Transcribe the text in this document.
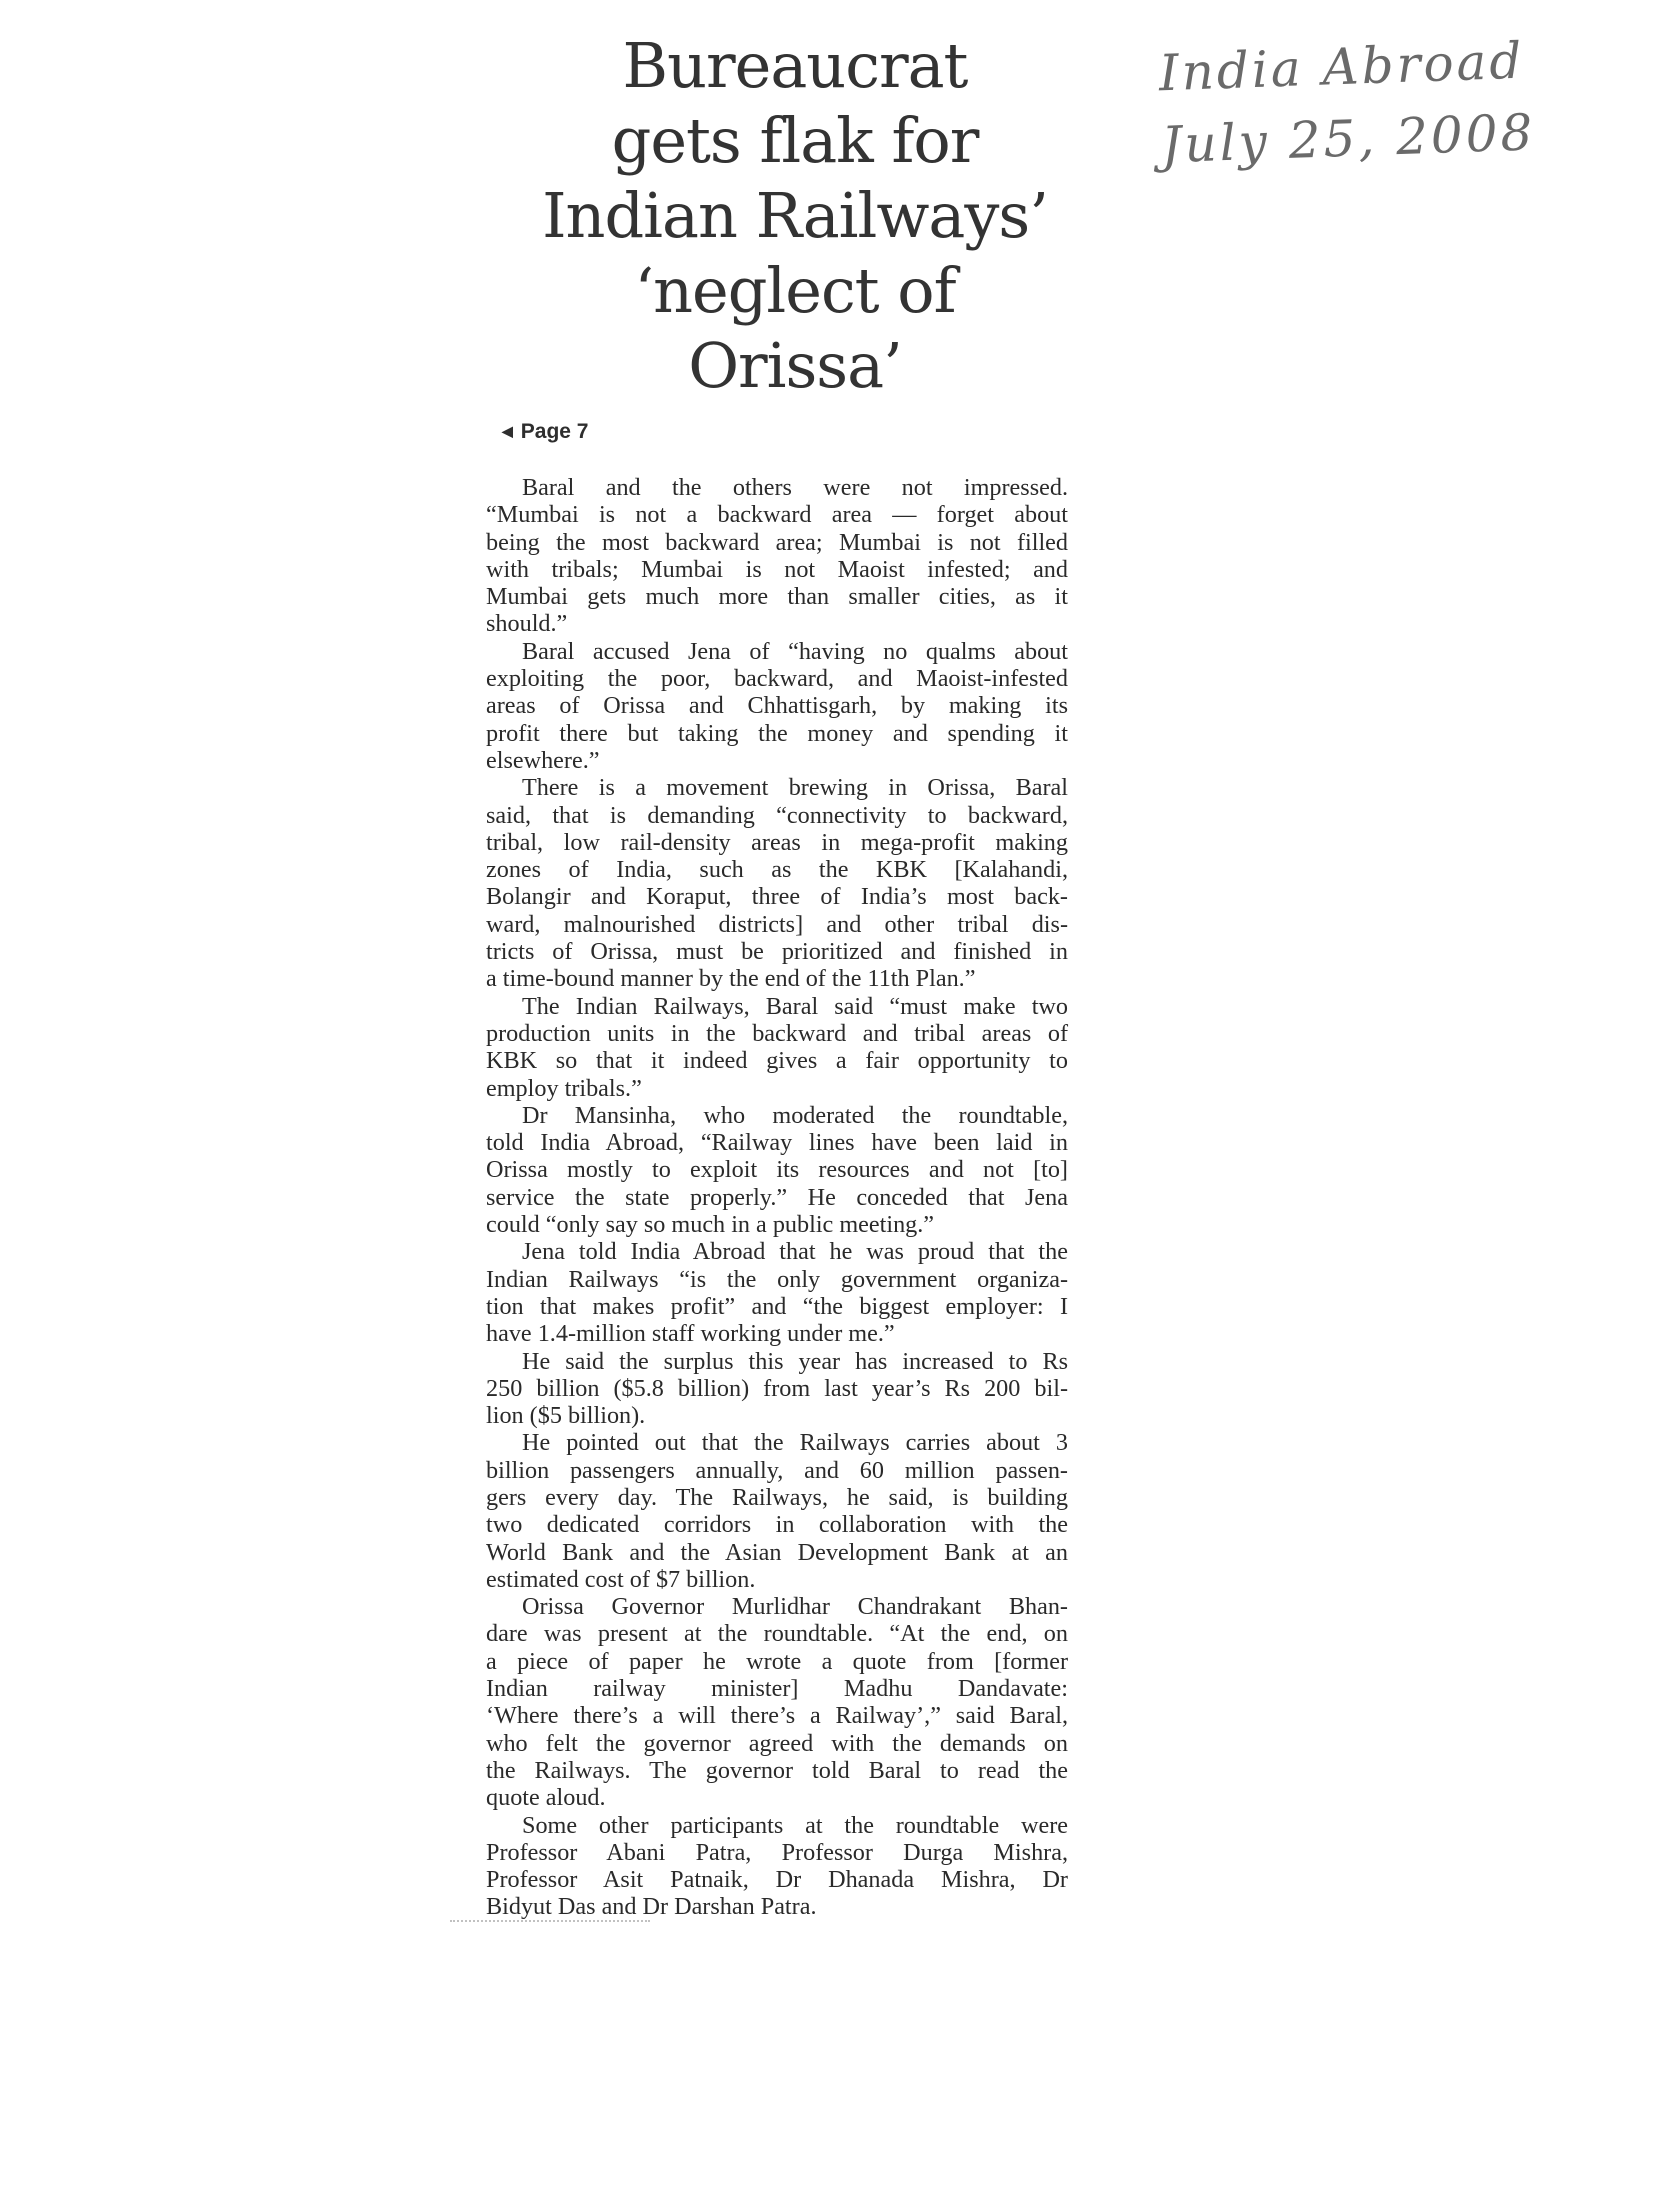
India Abroad
July 25, 2008
Bureaucrat
gets flak for
Indian Railways’
‘neglect of
Orissa’
◀ Page 7

Baral and the others were not impressed.
“Mumbai is not a backward area — forget about
being the most backward area; Mumbai is not filled
with tribals; Mumbai is not Maoist infested; and
Mumbai gets much more than smaller cities, as it
should.”

Baral accused Jena of “having no qualms about
exploiting the poor, backward, and Maoist-infested
areas of Orissa and Chhattisgarh, by making its
profit there but taking the money and spending it
elsewhere.”

There is a movement brewing in Orissa, Baral
said, that is demanding “connectivity to backward,
tribal, low rail-density areas in mega-profit making
zones of India, such as the KBK [Kalahandi,
Bolangir and Koraput, three of India’s most back-
ward, malnourished districts] and other tribal dis-
tricts of Orissa, must be prioritized and finished in
a time-bound manner by the end of the 11th Plan.”

The Indian Railways, Baral said “must make two
production units in the backward and tribal areas of
KBK so that it indeed gives a fair opportunity to
employ tribals.”

Dr Mansinha, who moderated the roundtable,
told India Abroad, “Railway lines have been laid in
Orissa mostly to exploit its resources and not [to]
service the state properly.” He conceded that Jena
could “only say so much in a public meeting.”

Jena told India Abroad that he was proud that the
Indian Railways “is the only government organiza-
tion that makes profit” and “the biggest employer: I
have 1.4-million staff working under me.”

He said the surplus this year has increased to Rs
250 billion ($5.8 billion) from last year’s Rs 200 bil-
lion ($5 billion).

He pointed out that the Railways carries about 3
billion passengers annually, and 60 million passen-
gers every day. The Railways, he said, is building
two dedicated corridors in collaboration with the
World Bank and the Asian Development Bank at an
estimated cost of $7 billion.

Orissa Governor Murlidhar Chandrakant Bhan-
dare was present at the roundtable. “At the end, on
a piece of paper he wrote a quote from [former
Indian railway minister] Madhu Dandavate:
‘Where there’s a will there’s a Railway’,” said Baral,
who felt the governor agreed with the demands on
the Railways. The governor told Baral to read the
quote aloud.

Some other participants at the roundtable were
Professor Abani Patra, Professor Durga Mishra,
Professor Asit Patnaik, Dr Dhanada Mishra, Dr
Bidyut Das and Dr Darshan Patra.
